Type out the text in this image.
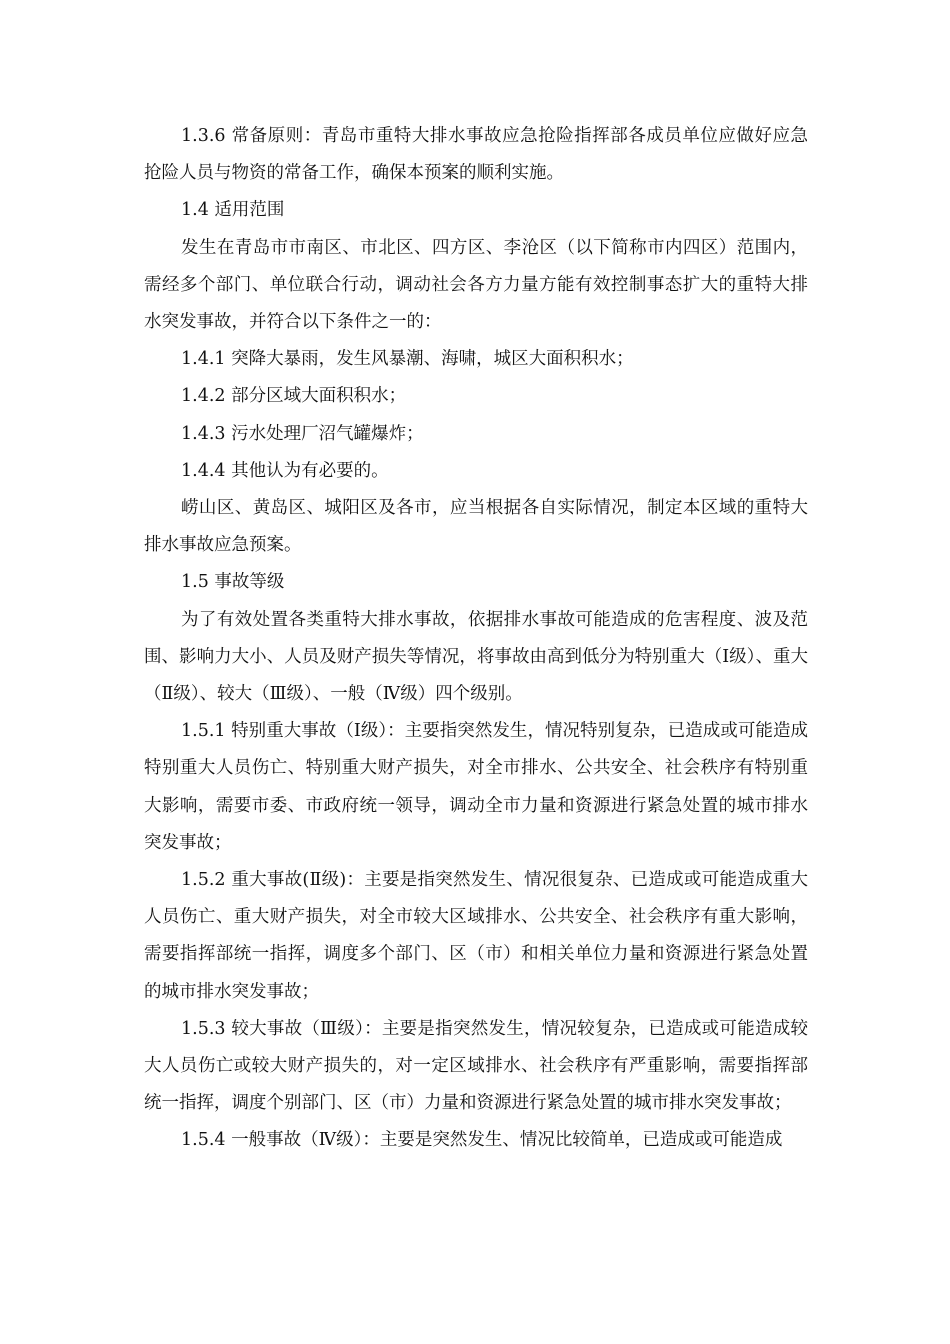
1.3.6 常备原则：青岛市重特大排水事故应急抢险指挥部各成员单位应做好应急抢险人员与物资的常备工作，确保本预案的顺利实施。

1.4 适用范围

发生在青岛市市南区、市北区、四方区、李沧区（以下简称市内四区）范围内，需经多个部门、单位联合行动，调动社会各方力量方能有效控制事态扩大的重特大排水突发事故，并符合以下条件之一的：

1.4.1 突降大暴雨，发生风暴潮、海啸，城区大面积积水；

1.4.2 部分区域大面积积水；

1.4.3 污水处理厂沼气罐爆炸；

1.4.4 其他认为有必要的。

崂山区、黄岛区、城阳区及各市，应当根据各自实际情况，制定本区域的重特大排水事故应急预案。

1.5 事故等级

为了有效处置各类重特大排水事故，依据排水事故可能造成的危害程度、波及范围、影响力大小、人员及财产损失等情况，将事故由高到低分为特别重大（Ⅰ级）、重大（Ⅱ级）、较大（Ⅲ级）、一般（Ⅳ级）四个级别。

1.5.1 特别重大事故（Ⅰ级）：主要指突然发生，情况特别复杂，已造成或可能造成特别重大人员伤亡、特别重大财产损失，对全市排水、公共安全、社会秩序有特别重大影响，需要市委、市政府统一领导，调动全市力量和资源进行紧急处置的城市排水突发事故；

1.5.2 重大事故(Ⅱ级)：主要是指突然发生、情况很复杂、已造成或可能造成重大人员伤亡、重大财产损失，对全市较大区域排水、公共安全、社会秩序有重大影响，需要指挥部统一指挥，调度多个部门、区（市）和相关单位力量和资源进行紧急处置的城市排水突发事故；

1.5.3 较大事故（Ⅲ级）：主要是指突然发生，情况较复杂，已造成或可能造成较大人员伤亡或较大财产损失的，对一定区域排水、社会秩序有严重影响，需要指挥部统一指挥，调度个别部门、区（市）力量和资源进行紧急处置的城市排水突发事故；

1.5.4 一般事故（Ⅳ级）：主要是突然发生、情况比较简单，已造成或可能造成
